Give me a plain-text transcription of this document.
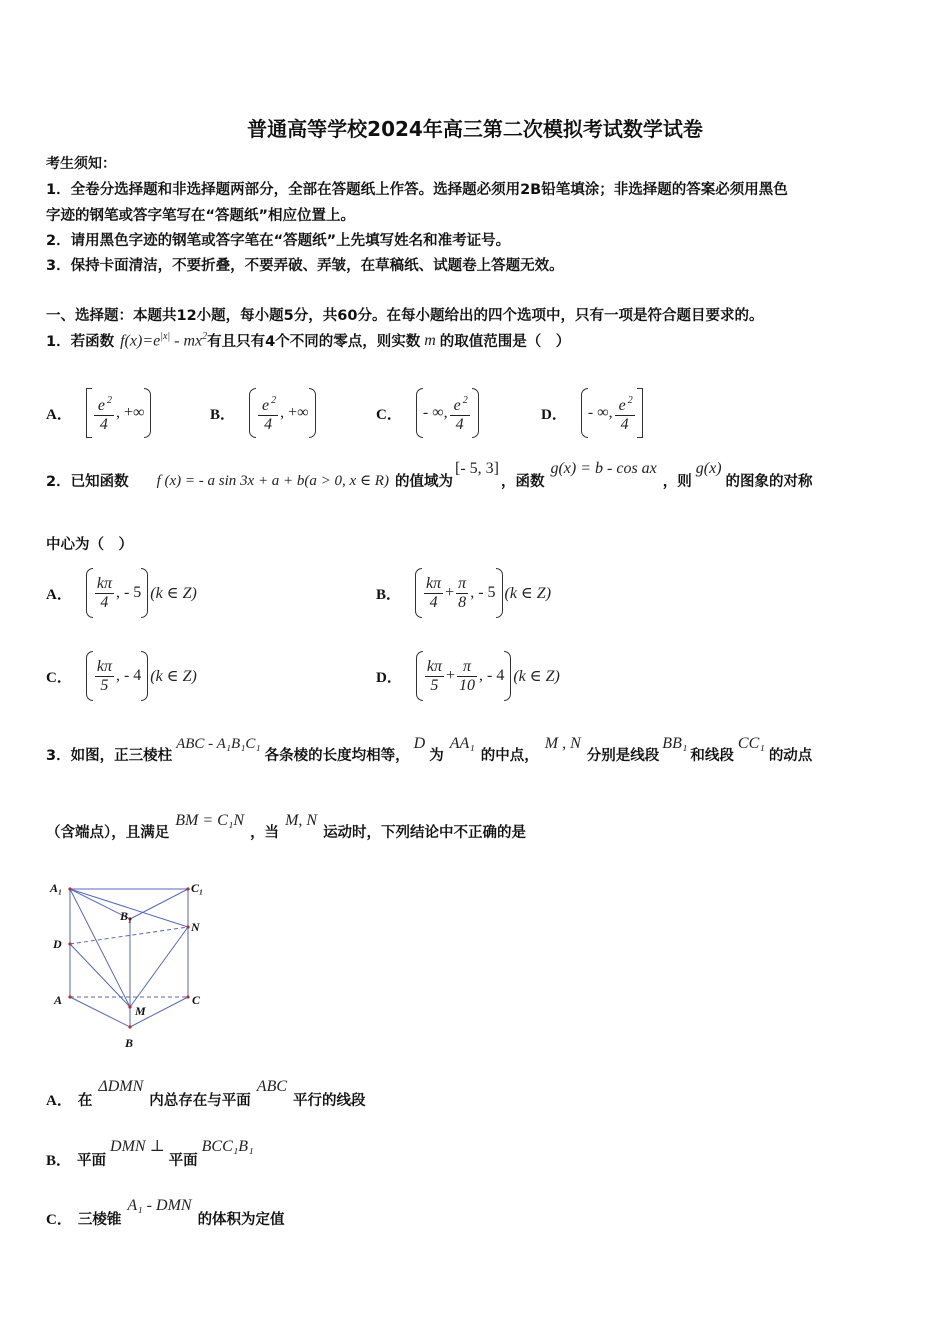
普通高等学校2024年高三第二次模拟考试数学试卷
考生须知：
1．全卷分选择题和非选择题两部分，全部在答题纸上作答。选择题必须用2B铅笔填涂；非选择题的答案必须用黑色
字迹的钢笔或答字笔写在“答题纸”相应位置上。
2．请用黑色字迹的钢笔或答字笔在“答题纸”上先填写姓名和准考证号。
3．保持卡面清洁，不要折叠，不要弄破、弄皱，在草稿纸、试题卷上答题无效。
一、选择题：本题共12小题，每小题5分，共60分。在每小题给出的四个选项中，只有一项是符合题目要求的。
1．若函数 $f(x)=e^{|x|} - mx^2$ 有且只有4个不同的零点，则实数 m 的取值范围是（　）
A． $\frac{e ^2}{4}$ , +∞	B． $\frac{e ^2}{4}$ , +∞	C． - ∞, $\frac{e ^2}{4}$	D． - ∞, $\frac{e ^2}{4}$
2．已知函数 f (x) = - a sin 3x + a + b(a > 0, x ∈ R) 的值域为
[- 5, 3]
，函数
g(x) = b - cos ax
，则
g(x)
的图象的对称
中心为（　）
A． $\frac{k\pi}{4}$ , - 5 (k ∈ Z)	B． $\frac{k\pi}{4} + \frac{\pi}{8}$ , - 5 (k ∈ Z)
C． $\frac{k\pi}{5}$ , - 4 (k ∈ Z)	D． $\frac{k\pi}{5} + \frac{\pi}{10}$ , - 4 (k ∈ Z)
3．如图，正三棱柱
ABC - A₁B₁C₁
各条棱的长度均相等，
D
为
AA₁
的中点，
M , N
分别是线段
BB₁
和线段
CC₁
的动点
（含端点），且满足
BM = C₁N
，当
M, N
运动时，下列结论中不正确的是
A₁	C₁
B₁
N
D
A	C
M
B
A． 在
ΔDMN
内总存在与平面
ABC
平行的线段
B． 平面
DMN ⊥
平面
BCC₁B₁
C． 三棱锥
A₁ - DMN
的体积为定值
